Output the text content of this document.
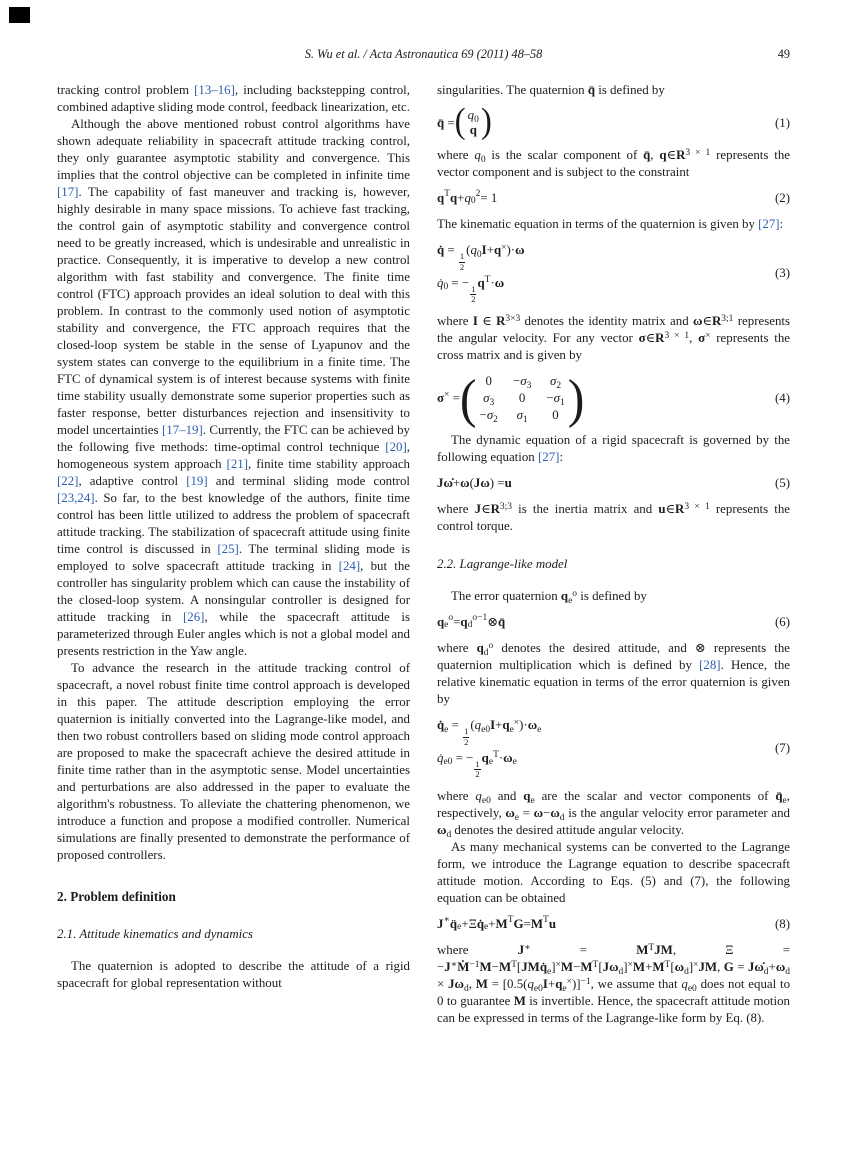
S. Wu et al. / Acta Astronautica 69 (2011) 48–58	49

tracking control problem [13–16], including backstepping control, combined adaptive sliding mode control, feedback linearization, etc.

Although the above mentioned robust control algorithms have shown adequate reliability in spacecraft attitude tracking control, they only guarantee asymptotic stability and convergence. This implies that the control objective can be completed in infinite time [17]. The capability of fast maneuver and tracking is, however, highly desirable in many space missions. To achieve fast tracking, the control gain of asymptotic stability and convergence control need to be greatly increased, which is undesirable and unrealistic in practice. Consequently, it is imperative to develop a new control algorithm with fast stability and convergence. The finite time control (FTC) approach provides an ideal solution to deal with this problem. In contrast to the commonly used notion of asymptotic stability and convergence, the FTC approach requires that the closed-loop system be stable in the sense of Lyapunov and the system states can converge to the equilibrium in a finite time. The FTC of dynamical system is of interest because systems with finite time stability usually demonstrate some superior properties such as faster response, better disturbances rejection and insensitivity to model uncertainties [17–19]. Currently, the FTC can be achieved by the following five methods: time-optimal control technique [20], homogeneous system approach [21], finite time stability approach [22], adaptive control [19] and terminal sliding mode control [23,24]. So far, to the best knowledge of the authors, finite time control has been little utilized to address the problem of spacecraft attitude tracking. The stabilization of spacecraft attitude using finite time control is discussed in [25]. The terminal sliding mode is employed to solve spacecraft attitude tracking in [24], but the controller has singularity problem which can cause the instability of the closed-loop system. A nonsingular controller is designed for attitude tracking in [26], while the spacecraft attitude is parameterized through Euler angles which is not a global model and presents restriction in the Yaw angle.

To advance the research in the attitude tracking control of spacecraft, a novel robust finite time control approach is developed in this paper. The attitude description employing the error quaternion is initially converted into the Lagrange-like model, and then two robust controllers based on sliding mode control approach are proposed to make the spacecraft achieve the desired attitude in finite time rather than in the asymptotic sense. Model uncertainties and perturbations are also addressed in the paper to evaluate the algorithm's robustness. To alleviate the chattering phenomenon, we introduce a function and propose a modified controller. Numerical simulations are finally presented to demonstrate the performance of proposed controllers.

2. Problem definition
2.1. Attitude kinematics and dynamics

The quaternion is adopted to describe the attitude of a rigid spacecraft for global representation without

singularities. The quaternion q̄ is defined by

q̄ = ( $q_0$
q )	(1)

where $q_0$ is the scalar component of q̄, $q\in R^{3 \times 1}$ represents the vector component and is subject to the constraint

$q^T$ $q + q_0$
$^2$ = 1	(2)

The kinematic equation in terms of the quaternion is given by [27]:

q̇ =
$\frac{1}{2}$
$(q_0I+q^\times)\cdot\omega$
$q̇_0$ = −
$\frac{1}{2}$
$q^T\cdot\omega$
(3)

where I ∈ $R^{3\times 3}$ denotes the identity matrix and $\omega\in R^{3;1}$ represents the angular velocity. For any vector $\sigma\in R^{3 \times 1}$, σ× represents the cross matrix and is given by

σ× = ( 0	$-\sigma_3$ $\sigma_2$
$\sigma_3$	0	$-\sigma_1$
$-\sigma_2$ $\sigma_1$	0 )	(4)

The dynamic equation of a rigid spacecraft is governed by the following equation [27]:

Jω̇ + ω ( Jω ) = u	(5)

where $J\in R^{3;3}$ is the inertia matrix and $u\in R^{3 \times 1}$ represents the control torque.

2.2. Lagrange-like model

The error quaternion $q_e^o$ is defined by

$q_e$
$^o = q_d$
$^{o-1}$ ⊗ q̄	(6)

where $q_d^o$ denotes the desired attitude, and ⊗ represents the quaternion multiplication which is defined by [28]. Hence, the relative kinematic equation in terms of the error quaternion is given by

$q̇_e$ =
$\frac{1}{2}$
$(q_{e0}I+q_e^\times)\cdot\omega_e$
$q̇_{e0}$ = −
$\frac{1}{2}$
$q_e^T\cdot\omega_e$
(7)

where $q_{e0}$ and $q_e$ are the scalar and vector components of $q̄_e$, respectively, $\omega_e = \omega-\omega_d$ is the angular velocity error parameter and $\omega_d$ denotes the desired attitude angular velocity.

As many mechanical systems can be converted to the Lagrange form, we introduce the Lagrange equation to describe spacecraft attitude motion. According to Eqs. (5) and (7), the following equation can be obtained

J∗ $q̈_e +\Xi$ $q̇_e + M^T$ $G = M^T$ u	(8)

where $J^∗ = M^TJM$, $\Xi = -J^∗Ṁ^{-1}M-M^T[JMq̇_e]^\times M-M^T[J\omega_d]^\times M+M^T[\omega_d]^\times JM$, $G = J\omegȧ_d+\omega_d \times J\omega_d$, $M = [0.5(q_{e0}I+q_e^\times)]^{-1}$, we assume that $q_{e0}$ does not equal to 0 to guarantee M is invertible. Hence, the spacecraft attitude motion can be expressed in terms of the Lagrange-like form by Eq. (8).
